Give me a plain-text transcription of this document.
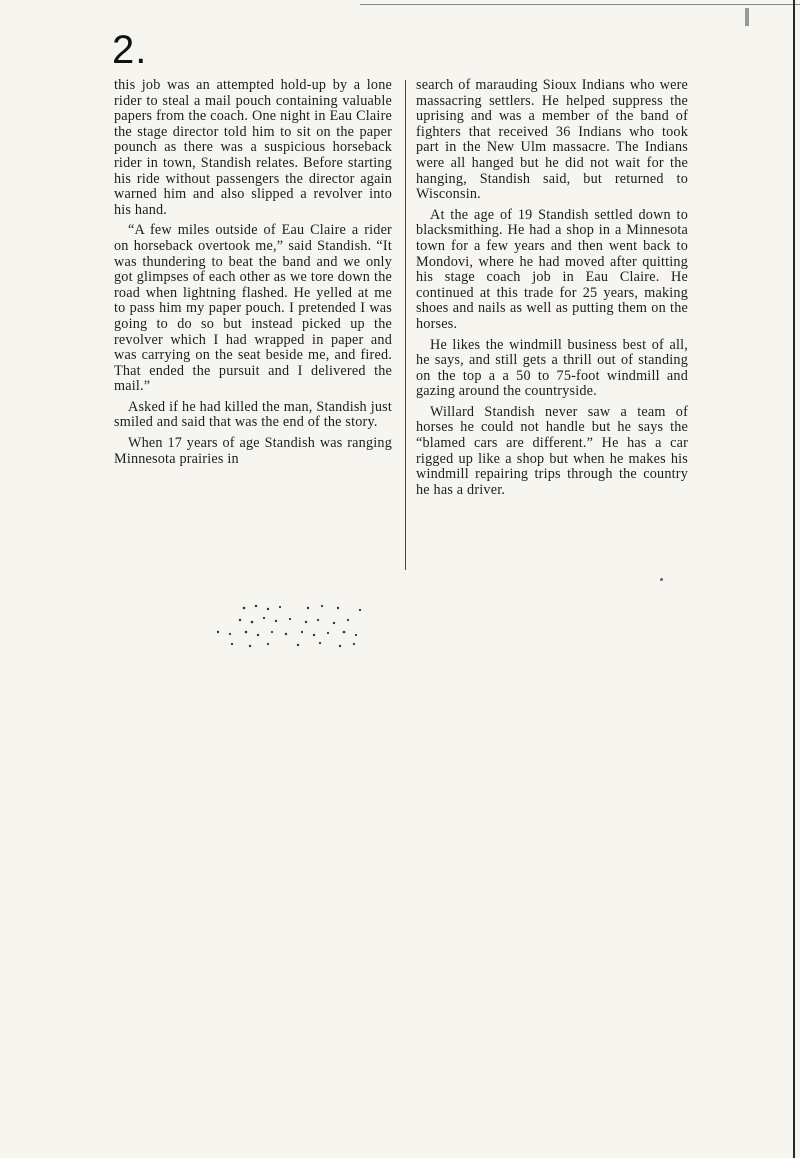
2.

this job was an attempted hold-up by a lone rider to steal a mail pouch containing valuable papers from the coach. One night in Eau Claire the stage director told him to sit on the paper pounch as there was a suspicious horseback rider in town, Standish relates. Before starting his ride without passengers the director again warned him and also slipped a revolver into his hand.

“A few miles outside of Eau Claire a rider on horseback overtook me,” said Standish. “It was thundering to beat the band and we only got glimpses of each other as we tore down the road when lightning flashed. He yelled at me to pass him my paper pouch. I pretended I was going to do so but instead picked up the revolver which I had wrapped in paper and was carrying on the seat beside me, and fired. That ended the pursuit and I delivered the mail.”

Asked if he had killed the man, Standish just smiled and said that was the end of the story.

When 17 years of age Standish was ranging Minnesota prairies in

search of marauding Sioux Indians who were massacring settlers. He helped suppress the uprising and was a member of the band of fighters that received 36 Indians who took part in the New Ulm massacre. The Indians were all hanged but he did not wait for the hanging, Standish said, but returned to Wisconsin.

At the age of 19 Standish settled down to blacksmithing. He had a shop in a Minnesota town for a few years and then went back to Mondovi, where he had moved after quitting his stage coach job in Eau Claire. He continued at this trade for 25 years, making shoes and nails as well as putting them on the horses.

He likes the windmill business best of all, he says, and still gets a thrill out of standing on the top a a 50 to 75-foot windmill and gazing around the countryside.

Willard Standish never saw a team of horses he could not handle but he says the “blamed cars are different.” He has a car rigged up like a shop but when he makes his windmill repairing trips through the country he has a driver.
